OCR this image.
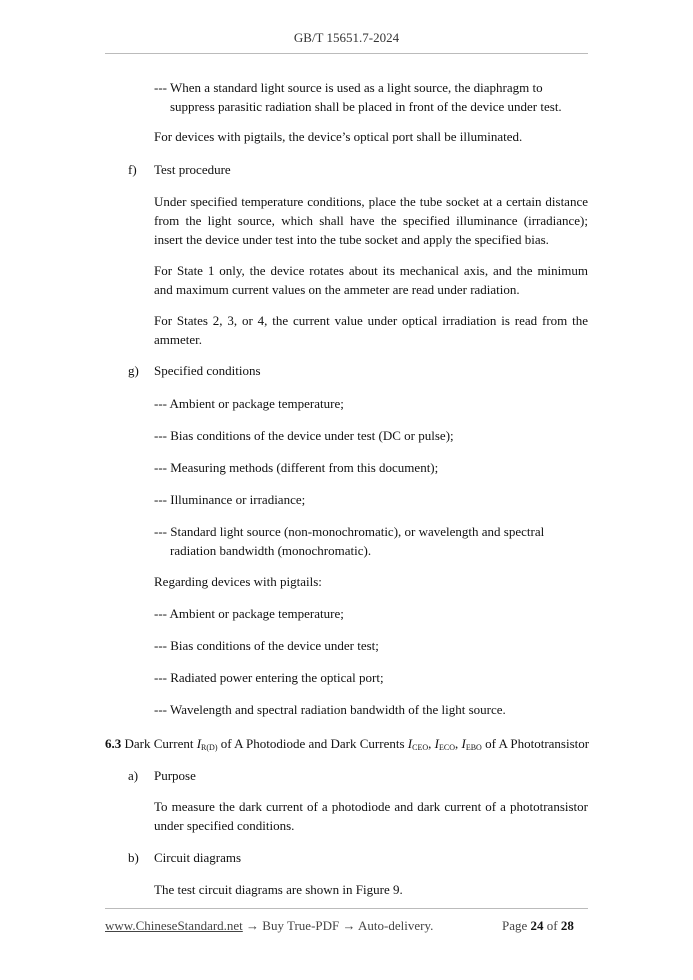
GB/T 15651.7-2024

--- When a standard light source is used as a light source, the diaphragm to suppress parasitic radiation shall be placed in front of the device under test.

For devices with pigtails, the device’s optical port shall be illuminated.

f) Test procedure

Under specified temperature conditions, place the tube socket at a certain distance from the light source, which shall have the specified illuminance (irradiance); insert the device under test into the tube socket and apply the specified bias.

For State 1 only, the device rotates about its mechanical axis, and the minimum and maximum current values on the ammeter are read under radiation.

For States 2, 3, or 4, the current value under optical irradiation is read from the ammeter.

g) Specified conditions

--- Ambient or package temperature;

--- Bias conditions of the device under test (DC or pulse);

--- Measuring methods (different from this document);

--- Illuminance or irradiance;

--- Standard light source (non-monochromatic), or wavelength and spectral radiation bandwidth (monochromatic).

Regarding devices with pigtails:

--- Ambient or package temperature;

--- Bias conditions of the device under test;

--- Radiated power entering the optical port;

--- Wavelength and spectral radiation bandwidth of the light source.

6.3 Dark Current $I_{R(D)}$ of A Photodiode and Dark Currents $I_{CEO}$, $I_{ECO}$, $I_{EBO}$ of A Phototransistor

a) Purpose

To measure the dark current of a photodiode and dark current of a phototransistor under specified conditions.

b) Circuit diagrams

The test circuit diagrams are shown in Figure 9.

www.ChineseStandard.net → Buy True-PDF → Auto-delivery.	Page 24 of 28
